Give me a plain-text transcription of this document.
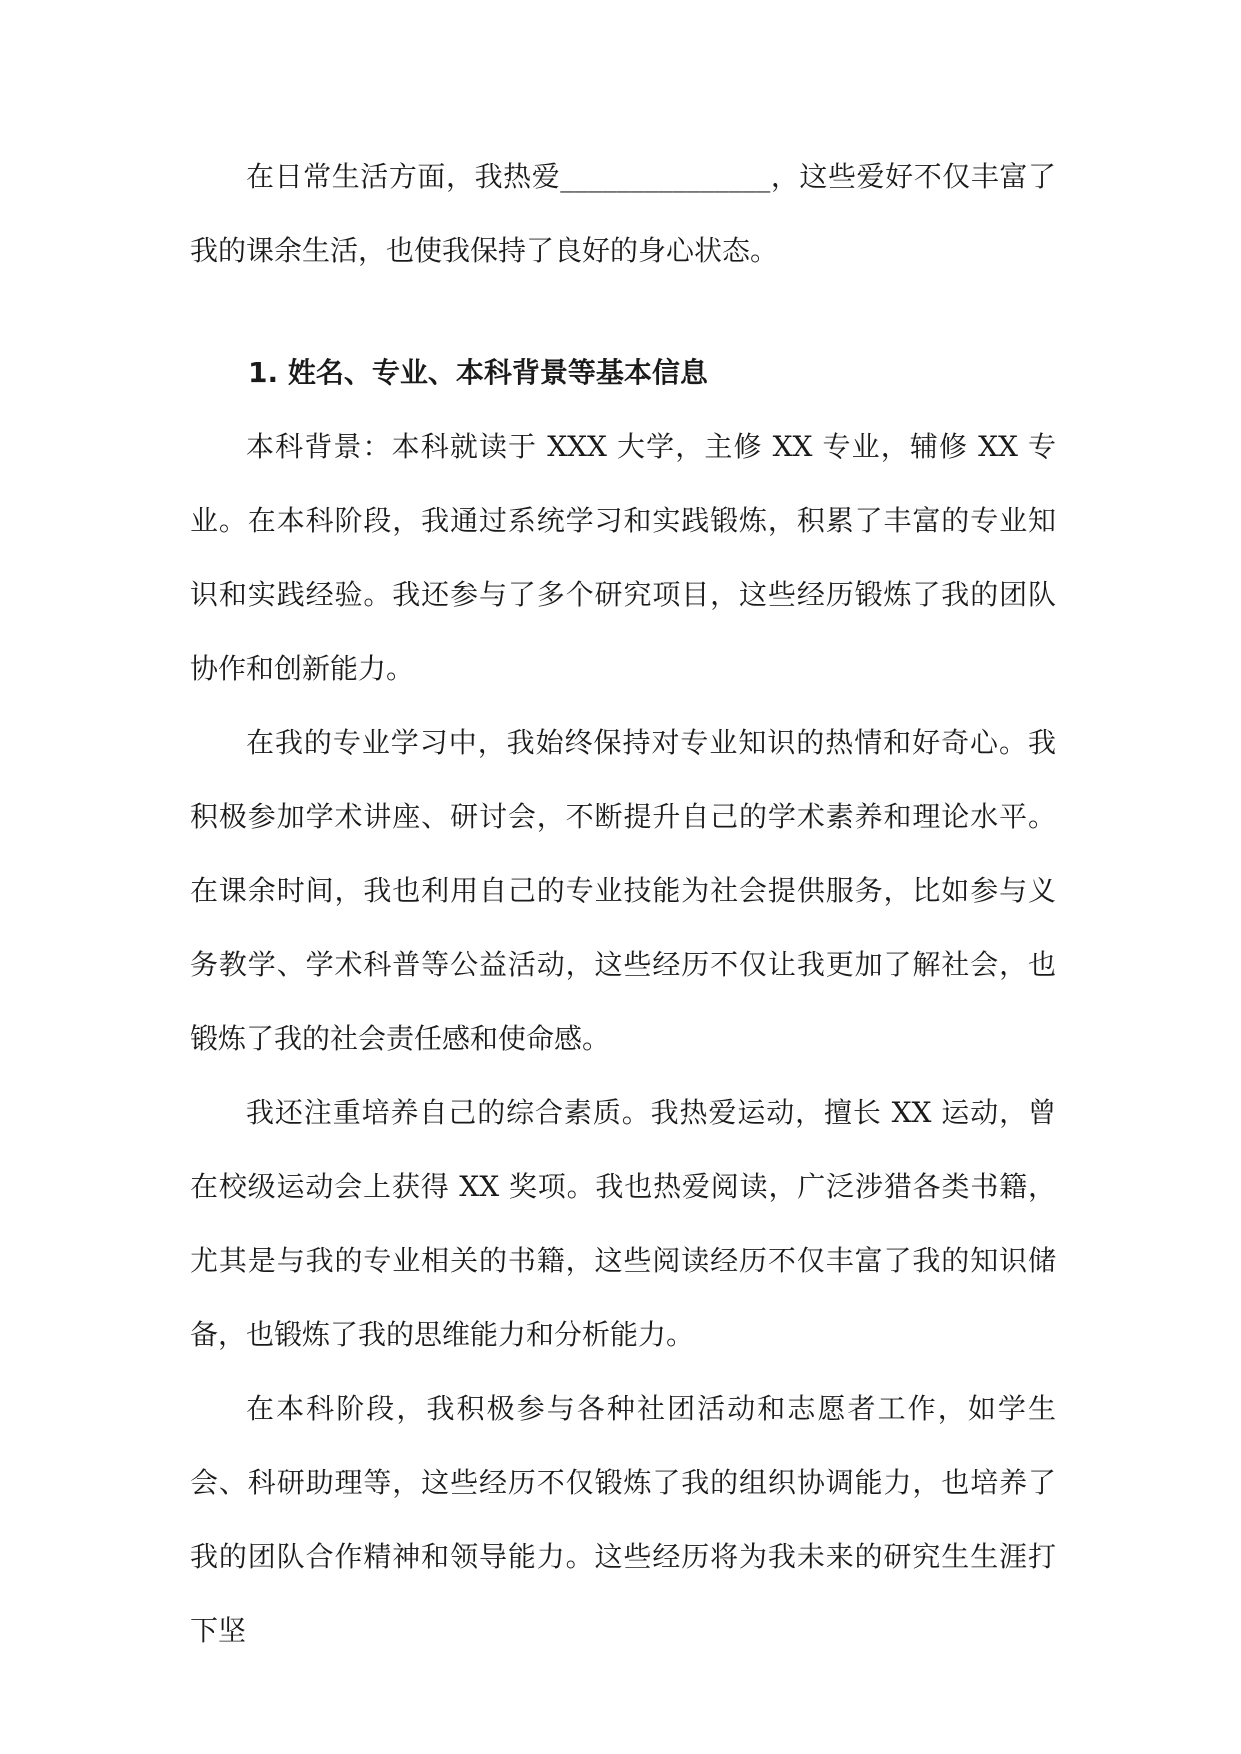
在日常生活方面，我热爱_______________，这些爱好不仅丰富了我的课余生活，也使我保持了良好的身心状态。

1. 姓名、专业、本科背景等基本信息

本科背景：本科就读于 XXX 大学，主修 XX 专业，辅修 XX 专业。在本科阶段，我通过系统学习和实践锻炼，积累了丰富的专业知识和实践经验。我还参与了多个研究项目，这些经历锻炼了我的团队协作和创新能力。

在我的专业学习中，我始终保持对专业知识的热情和好奇心。我积极参加学术讲座、研讨会，不断提升自己的学术素养和理论水平。在课余时间，我也利用自己的专业技能为社会提供服务，比如参与义务教学、学术科普等公益活动，这些经历不仅让我更加了解社会，也锻炼了我的社会责任感和使命感。

我还注重培养自己的综合素质。我热爱运动，擅长 XX 运动，曾在校级运动会上获得 XX 奖项。我也热爱阅读，广泛涉猎各类书籍，尤其是与我的专业相关的书籍，这些阅读经历不仅丰富了我的知识储备，也锻炼了我的思维能力和分析能力。

在本科阶段，我积极参与各种社团活动和志愿者工作，如学生会、科研助理等，这些经历不仅锻炼了我的组织协调能力，也培养了我的团队合作精神和领导能力。这些经历将为我未来的研究生生涯打下坚
